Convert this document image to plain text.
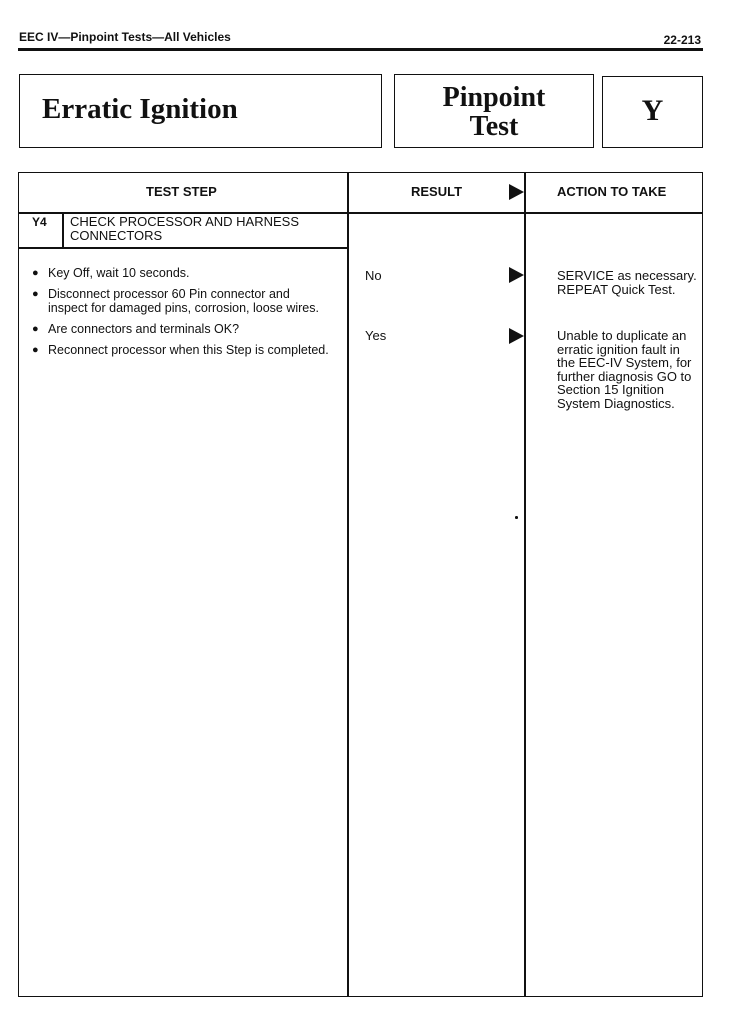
EEC IV—Pinpoint Tests—All Vehicles	22-213
Erratic Ignition	Pinpoint
Test	Y
TEST STEP	RESULT	ACTION TO TAKE
Y4 CHECK PROCESSOR AND HARNESS CONNECTORS
● Key Off, wait 10 seconds.
● Disconnect processor 60 Pin connector and inspect for damaged pins, corrosion, loose wires.
● Are connectors and terminals OK?
● Reconnect processor when this Step is completed.
No	SERVICE as necessary. REPEAT Quick Test.
Yes	Unable to duplicate an erratic ignition fault in the EEC-IV System, for further diagnosis GO to Section 15 Ignition System Diagnostics.
